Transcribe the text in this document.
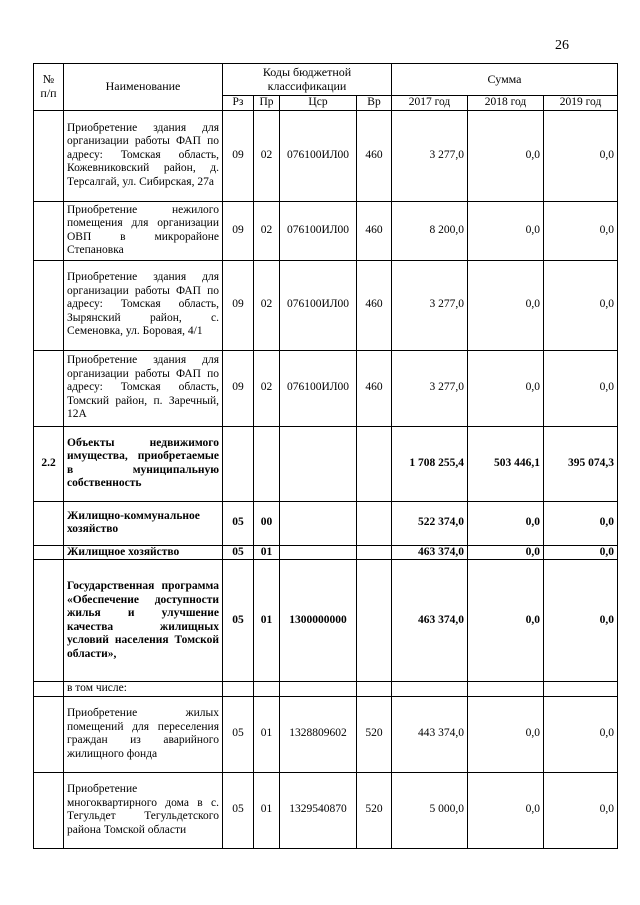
26
№ п/п	Наименование	Коды бюджетной классификации				Сумма		
		Рз	Пр	Цср	Вр	2017 год	2018 год	2019 год
	Приобретение здания для организации работы ФАП по адресу: Томская область, Кожевниковский район, д. Терсалгай, ул. Сибирская, 27а	09	02	076100ИЛ00	460	3 277,0	0,0	0,0
	Приобретение нежилого помещения для организации ОВП в микрорайоне Степановка	09	02	076100ИЛ00	460	8 200,0	0,0	0,0
	Приобретение здания для организации работы ФАП по адресу: Томская область, Зырянский район, с. Семеновка, ул. Боровая, 4/1	09	02	076100ИЛ00	460	3 277,0	0,0	0,0
	Приобретение здания для организации работы ФАП по адресу: Томская область, Томский район, п. Заречный, 12А	09	02	076100ИЛ00	460	3 277,0	0,0	0,0
2.2	Объекты недвижимого имущества, приобретаемые в муниципальную собственность					1 708 255,4	503 446,1	395 074,3
	Жилищно-коммунальное хозяйство	05	00			522 374,0	0,0	0,0
	Жилищное хозяйство	05	01			463 374,0	0,0	0,0
	Государственная программа «Обеспечение доступности жилья и улучшение качества жилищных условий населения Томской области»,	05	01	1300000000		463 374,0	0,0	0,0
	в том числе:							
	Приобретение жилых помещений для переселения граждан из аварийного жилищного фонда	05	01	1328809602	520	443 374,0	0,0	0,0
	Приобретение многоквартирного дома в с. Тегульдет Тегульдетского района Томской области	05	01	1329540870	520	5 000,0	0,0	0,0
